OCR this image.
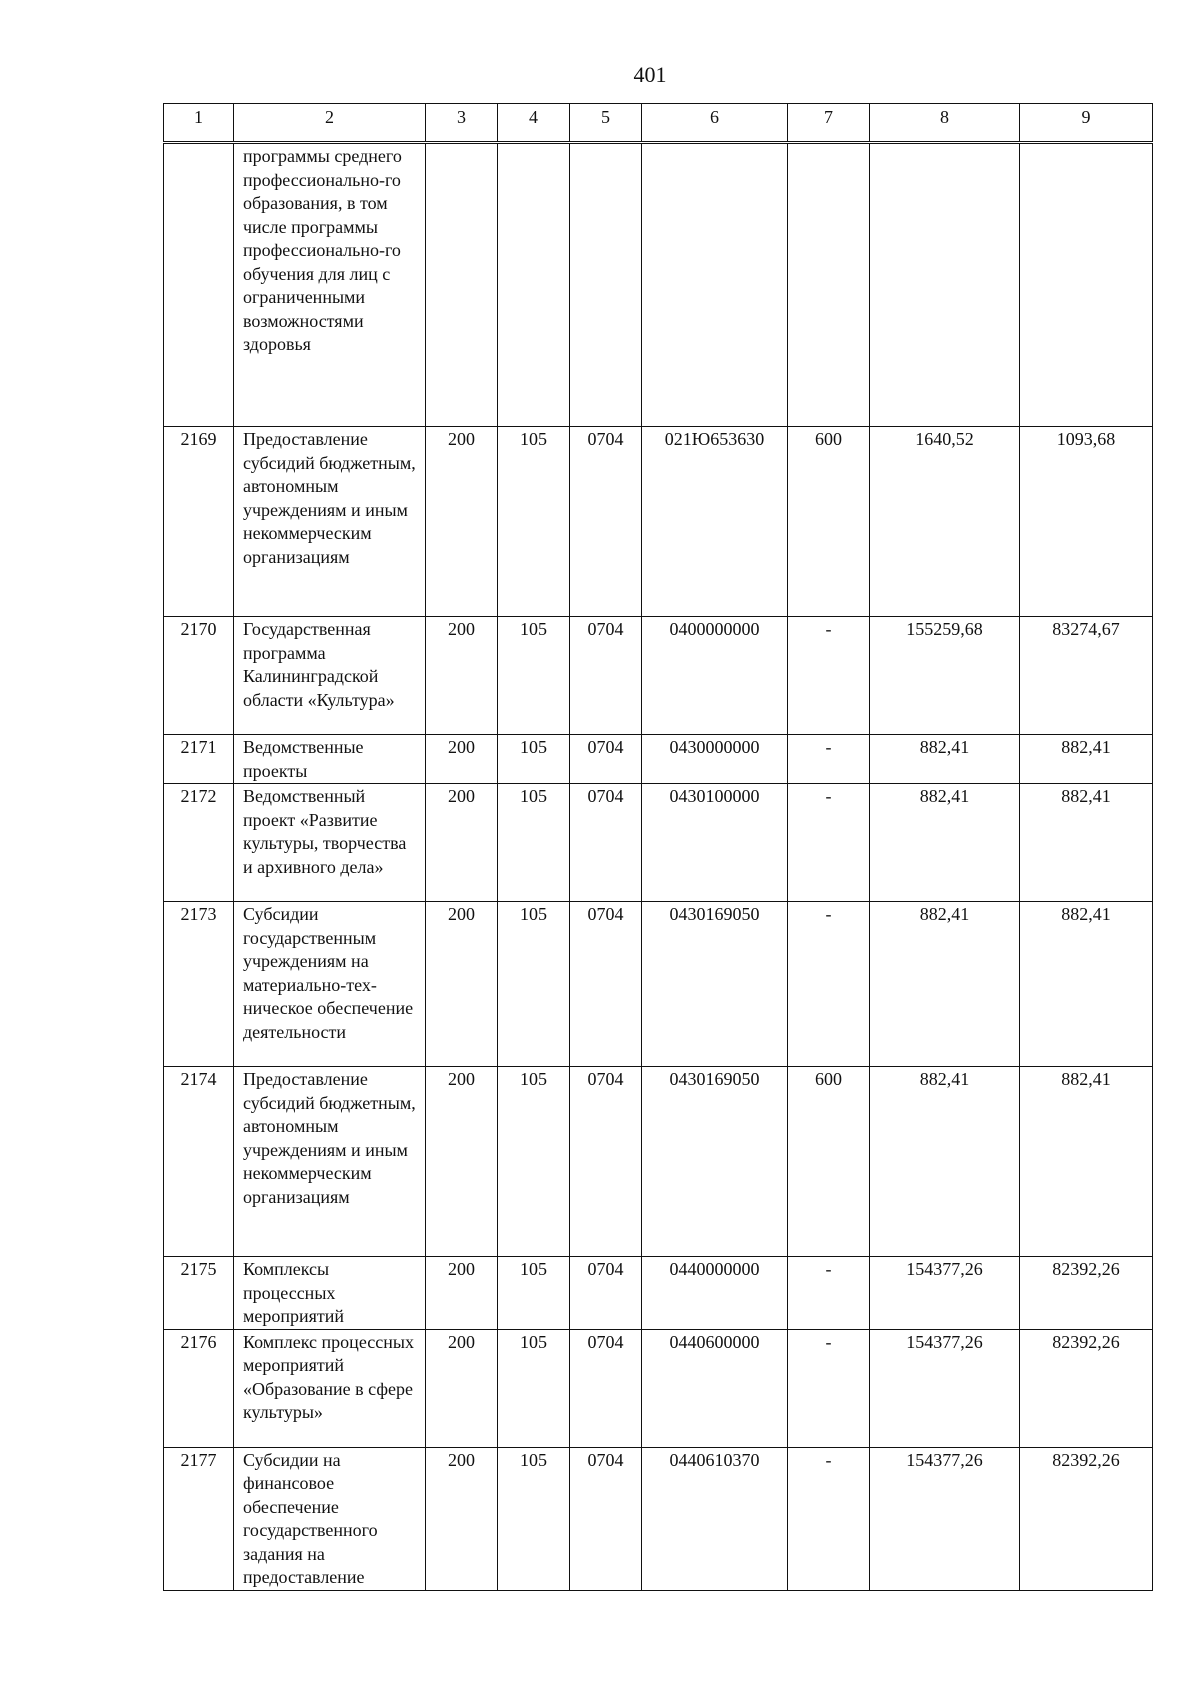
401
1	2	3	4	5	6	7	8	9
	программы среднего профессионально-го образования, в том числе программы профессионально-го обучения для лиц с ограниченными возможностями здоровья							
2169	Предоставление субсидий бюджетным, автономным учреждениям и иным некоммерческим организациям	200	105	0704	021Ю653630	600	1640,52	1093,68
2170	Государственная программа Калининградской области «Культура»	200	105	0704	0400000000	-	155259,68	83274,67
2171	Ведомственные проекты	200	105	0704	0430000000	-	882,41	882,41
2172	Ведомственный проект «Развитие культуры, творчества и архивного дела»	200	105	0704	0430100000	-	882,41	882,41
2173	Субсидии государственным учреждениям на материально-тех-ническое обеспечение деятельности	200	105	0704	0430169050	-	882,41	882,41
2174	Предоставление субсидий бюджетным, автономным учреждениям и иным некоммерческим организациям	200	105	0704	0430169050	600	882,41	882,41
2175	Комплексы процессных мероприятий	200	105	0704	0440000000	-	154377,26	82392,26
2176	Комплекс процессных мероприятий «Образование в сфере культуры»	200	105	0704	0440600000	-	154377,26	82392,26
2177	Субсидии на финансовое обеспечение государственного задания на предоставление	200	105	0704	0440610370	-	154377,26	82392,26
